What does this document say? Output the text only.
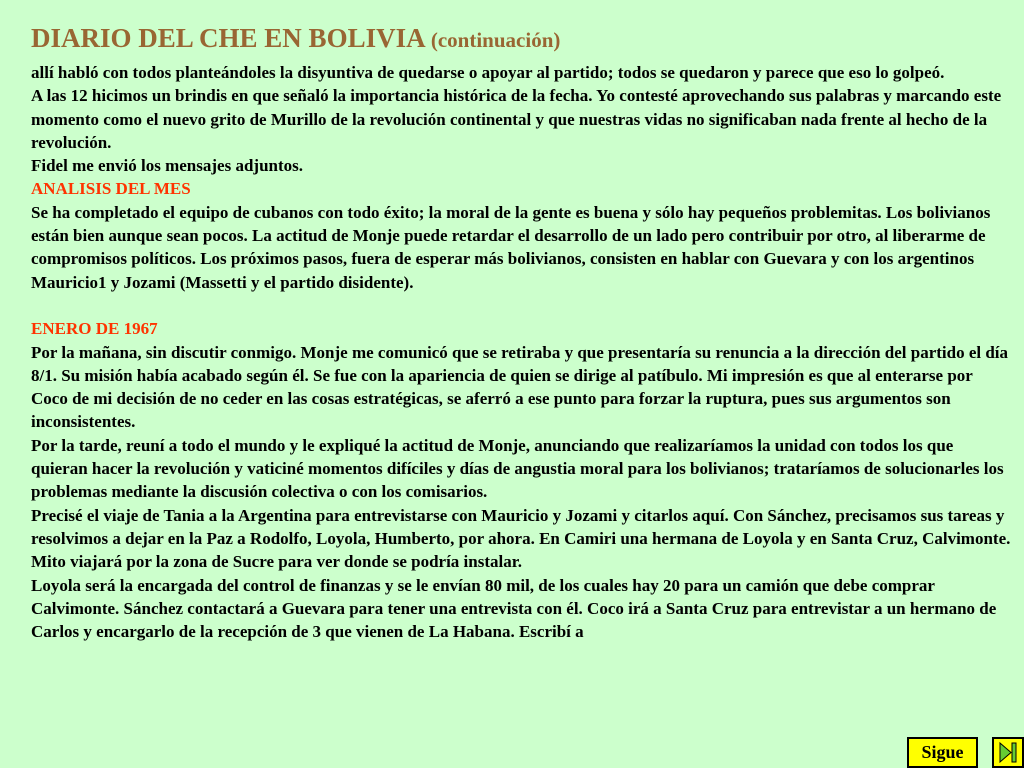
DIARIO DEL CHE EN BOLIVIA (continuación)

allí habló con todos planteándoles la disyuntiva de quedarse o apoyar al partido; todos se quedaron y parece que eso lo golpeó.

A las 12 hicimos un brindis en que señaló la importancia histórica de la fecha. Yo contesté aprovechando sus palabras y marcando este momento como el nuevo grito de Murillo de la revolución continental y que nuestras vidas no significaban nada frente al hecho de la revolución.

Fidel me envió los mensajes adjuntos.

ANALISIS DEL MES

Se ha completado el equipo de cubanos con todo éxito; la moral de la gente es buena y sólo hay pequeños problemitas. Los bolivianos están bien aunque sean pocos. La actitud de Monje puede retardar el desarrollo de un lado pero contribuir por otro, al liberarme de compromisos políticos. Los próximos pasos, fuera de esperar más bolivianos, consisten en hablar con Guevara y con los argentinos Mauricio1 y Jozami (Massetti y el partido disidente).

ENERO DE 1967

Por la mañana, sin discutir conmigo. Monje me comunicó que se retiraba y que presentaría su renuncia a la dirección del partido el día 8/1. Su misión había acabado según él. Se fue con la apariencia de quien se dirige al patíbulo. Mi impresión es que al enterarse por Coco de mi decisión de no ceder en las cosas estratégicas, se aferró a ese punto para forzar la ruptura, pues sus argumentos son inconsistentes.

Por la tarde, reuní a todo el mundo y le expliqué la actitud de Monje, anunciando que realizaríamos la unidad con todos los que quieran hacer la revolución y vaticiné momentos difíciles y días de angustia moral para los bolivianos; trataríamos de solucionarles los problemas mediante la discusión colectiva o con los comisarios.

Precisé el viaje de Tania a la Argentina para entrevistarse con Mauricio y Jozami y citarlos aquí. Con Sánchez, precisamos sus tareas y resolvimos a dejar en la Paz a Rodolfo, Loyola, Humberto, por ahora. En Camiri una hermana de Loyola y en Santa Cruz, Calvimonte. Mito viajará por la zona de Sucre para ver donde se podría instalar.

Loyola será la encargada del control de finanzas y se le envían 80 mil, de los cuales hay 20 para un camión que debe comprar Calvimonte. Sánchez contactará a Guevara para tener una entrevista con él. Coco irá a Santa Cruz para entrevistar a un hermano de Carlos y encargarlo de la recepción de 3 que vienen de La Habana. Escribí a

Sigue
